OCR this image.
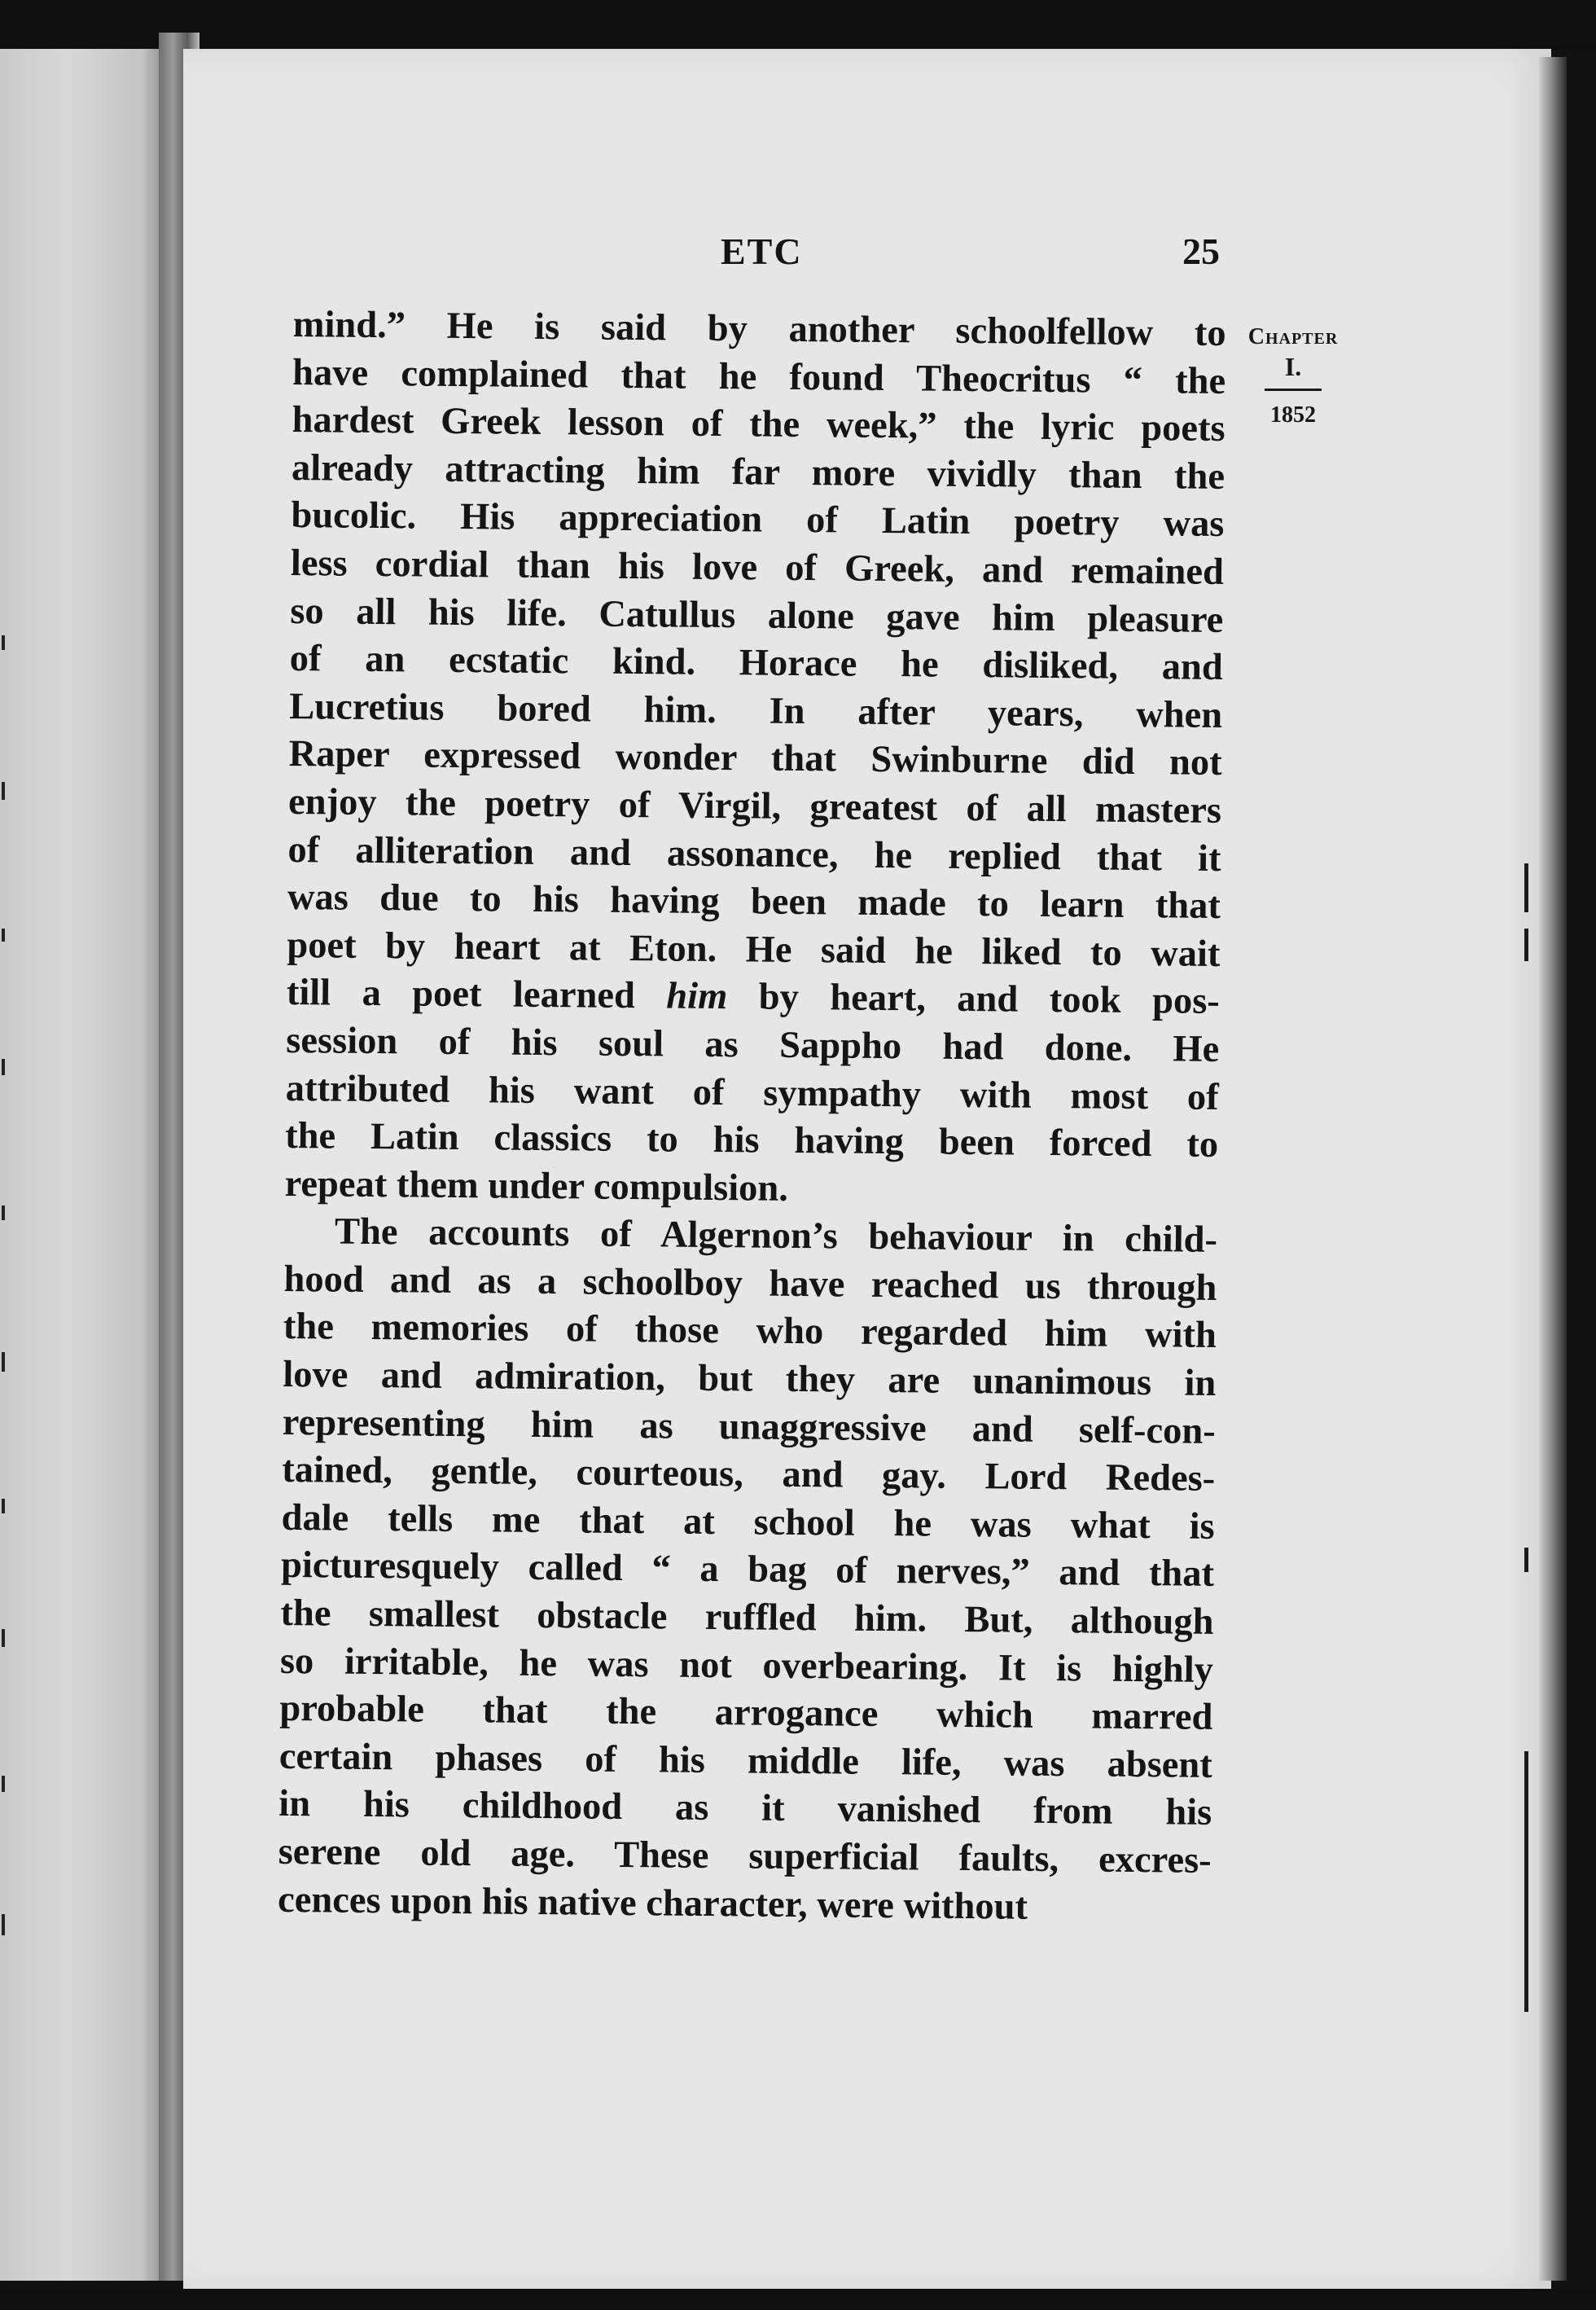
ETC	25
Chapter
I.
1852

mind.” He is said by another schoolfellow to
have complained that he found Theocritus “ the
hardest Greek lesson of the week,” the lyric poets
already attracting him far more vividly than the
bucolic. His appreciation of Latin poetry was
less cordial than his love of Greek, and remained
so all his life. Catullus alone gave him pleasure
of an ecstatic kind. Horace he disliked, and
Lucretius bored him. In after years, when
Raper expressed wonder that Swinburne did not
enjoy the poetry of Virgil, greatest of all masters
of alliteration and assonance, he replied that it
was due to his having been made to learn that
poet by heart at Eton. He said he liked to wait
till a poet learned him by heart, and took pos-
session of his soul as Sappho had done. He
attributed his want of sympathy with most of
the Latin classics to his having been forced to
repeat them under compulsion.

The accounts of Algernon’s behaviour in child-
hood and as a schoolboy have reached us through
the memories of those who regarded him with
love and admiration, but they are unanimous in
representing him as unaggressive and self-con-
tained, gentle, courteous, and gay. Lord Redes-
dale tells me that at school he was what is
picturesquely called “ a bag of nerves,” and that
the smallest obstacle ruffled him. But, although
so irritable, he was not overbearing. It is highly
probable that the arrogance which marred
certain phases of his middle life, was absent
in his childhood as it vanished from his
serene old age. These superficial faults, excres-
cences upon his native character, were without
